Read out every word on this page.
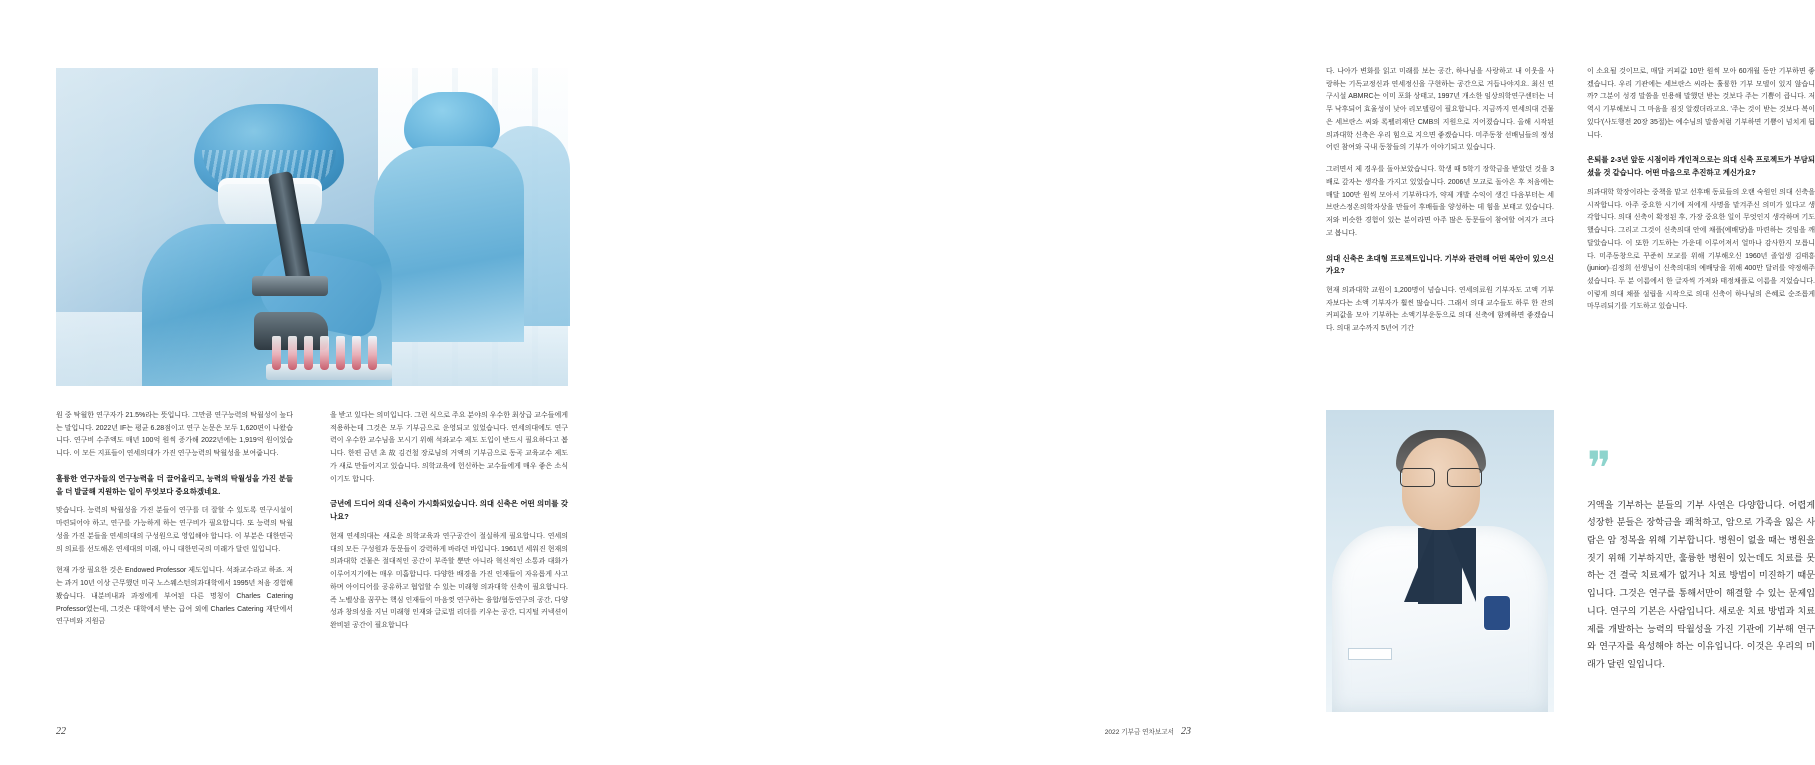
원 중 탁월한 연구자가 21.5%라는 뜻입니다. 그만큼 연구능력의 탁월성이 높다는 말입니다. 2022년 IF는 평균 6.28점이고 연구 논문은 모두 1,620편이 나왔습니다. 연구비 수주액도 매년 100억 원씩 증가해 2022년에는 1,919억 원이었습니다. 이 모든 지표들이 연세의대가 가진 연구능력의 탁월성을 보여줍니다.

훌륭한 연구자들의 연구능력을 더 끌어올리고, 능력의 탁월성을 가진 분들을 더 발굴해 지원하는 일이 무엇보다 중요하겠네요.

맞습니다. 능력의 탁월성을 가진 분들이 연구를 더 잘할 수 있도록 연구시설이 마련되어야 하고, 연구를 가능하게 하는 연구비가 필요합니다. 또 능력의 탁월성을 가진 분들을 연세의대의 구성원으로 영입해야 합니다. 이 부분은 대한민국의 의료를 선도해온 연세대의 미래, 아니 대한민국의 미래가 달린 일입니다.

현재 가장 필요한 것은 Endowed Professor 제도입니다. 석좌교수라고 하죠. 저는 과거 10년 이상 근무했던 미국 노스웨스턴의과대학에서 1995년 처음 경험해봤습니다. 내분비내과 과정에게 부여된 다른 명칭이 Charles Catering Professor였는데, 그것은 대학에서 받는 급여 외에 Charles Catering 재단에서 연구비와 지원금

을 받고 있다는 의미입니다. 그런 식으로 주요 분야의 우수한 최상급 교수들에게 적용하는데 그것은 모두 기부금으로 운영되고 있었습니다. 연세의대에도 연구력이 우수한 교수님을 모시기 위해 석좌교수 제도 도입이 반드시 필요하다고 봅니다. 한편 금년 초 故 김건철 장로님의 거액의 기부금으로 동곡 교육교수 제도가 새로 만들어지고 있습니다. 의학교육에 헌신하는 교수들에게 매우 좋은 소식이기도 합니다.

금년에 드디어 의대 신축이 가시화되었습니다. 의대 신축은 어떤 의미를 갖나요?

현재 연세의대는 새로운 의학교육과 연구공간이 절실하게 필요합니다. 연세의대의 모든 구성원과 동문들이 강력하게 바라던 바입니다. 1961년 세워진 현재의 의과대학 건물은 절대적인 공간이 부족할 뿐만 아니라 혁신적인 소통과 대화가 이루어지기에는 매우 미흡합니다. 다양한 배경을 가진 인재들이 자유롭게 사고하며 아이디어를 공유하고 협업할 수 있는 미래형 의과대학 신축이 필요합니다. 즉 노벨상을 꿈꾸는 핵심 인재들이 마음껏 연구하는 융합/협동연구의 공간, 다양성과 창의성을 지닌 미래형 인재와 글로벌 리더를 키우는 공간, 디지털 커넥션이 완비된 공간이 필요합니다

22

다. 나아가 변화를 읽고 미래를 보는 공간, 하나님을 사랑하고 내 이웃을 사랑하는 기독교정신과 연세정신을 구현하는 공간으로 거듭나야지요. 최신 연구시설 ABMRC는 이미 포화 상태고, 1997년 개소한 임상의학연구센터는 너무 낙후되어 효율성이 낮아 리모델링이 필요합니다. 지금까지 연세의대 건물은 세브란스 씨와 록펠러재단 CMB의 지원으로 지어졌습니다. 올해 시작된 의과대학 신축은 우리 힘으로 지으면 좋겠습니다. 미주동창 선배님들의 정성 어린 참여와 국내 동창들의 기부가 이야기되고 있습니다.

그러면서 제 경우를 돌아보았습니다. 학생 때 5학기 장학금을 받았던 것을 3배로 갚자는 생각을 가지고 있었습니다. 2006년 모교로 돌아온 후 처음에는 매달 100만 원씩 모아서 기부하다가, 약제 개발 수익이 생긴 다음부터는 세브란스정온의학자상을 만들어 후배들을 양성하는 데 힘을 보태고 있습니다. 저와 비슷한 경험이 있는 분이라면 아주 많은 동문들이 참여할 여지가 크다고 봅니다.

의대 신축은 초대형 프로젝트입니다. 기부와 관련해 어떤 복안이 있으신가요?

현재 의과대학 교원이 1,200명이 넘습니다. 연세의료원 기부자도 고액 기부자보다는 소액 기부자가 훨씬 많습니다. 그래서 의대 교수들도 하루 한 잔의 커피값을 모아 기부하는 소액기부운동으로 의대 신축에 함께하면 좋겠습니다. 의대 교수까지 5년여 기간

이 소요될 것이므로, 매달 커피값 10만 원씩 모아 60개월 동안 기부하면 좋겠습니다. 우리 기관에는 세브란스 씨라는 훌륭한 기부 모델이 있지 않습니까? 그분이 성경 말씀을 인용해 말했던 받는 것보다 주는 기쁨이 큽니다. 저 역시 기부해보니 그 마음을 짐짓 알겠더라고요. '주는 것이 받는 것보다 복이 있다'(사도행전 20장 35절)는 예수님의 말씀처럼 기부하면 기쁨이 넘치게 됩니다.

은퇴를 2-3년 앞둔 시점이라 개인적으로는 의대 신축 프로젝트가 부담되셨을 것 같습니다. 어떤 마음으로 추진하고 계신가요?

의과대학 학장이라는 중책을 맡고 선후배 동료들의 오랜 숙원인 의대 신축을 시작합니다. 아주 중요한 시기에 저에게 사명을 맡겨주신 의미가 있다고 생각합니다. 의대 신축이 확정된 후, 가장 중요한 일이 무엇인지 생각하며 기도했습니다. 그리고 그것이 신축의대 안에 채플(예배당)을 마련하는 것임을 깨달았습니다. 이 또한 기도하는 가운데 이루어져서 얼마나 감사한지 모릅니다. 미주동창으로 꾸준히 모교를 위해 기부해오신 1960년 졸업생 김태흥(junior)·김정희 선생님이 신축의대의 예배당을 위해 400만 달러를 약정해주셨습니다. 두 분 이름에서 한 글자씩 가져와 태정채플로 이름을 지었습니다. 이렇게 의대 채플 설립을 시작으로 의대 신축이 하나님의 은혜로 순조롭게 마무리되기를 기도하고 있습니다.

❞

거액을 기부하는 분들의 기부 사연은 다양합니다. 어렵게 성장한 분들은 장학금을 쾌척하고, 암으로 가족을 잃은 사람은 암 정복을 위해 기부합니다. 병원이 없을 때는 병원을 짓기 위해 기부하지만, 훌륭한 병원이 있는데도 치료를 못하는 건 결국 치료제가 없거나 치료 방법이 미진하기 때문입니다. 그것은 연구를 통해서만이 해결할 수 있는 문제입니다. 연구의 기본은 사람입니다. 새로운 치료 방법과 치료제를 개발하는 능력의 탁월성을 가진 기관에 기부해 연구와 연구자를 육성해야 하는 이유입니다. 이것은 우리의 미래가 달린 일입니다.

2022 기부금 연차보고서 23
